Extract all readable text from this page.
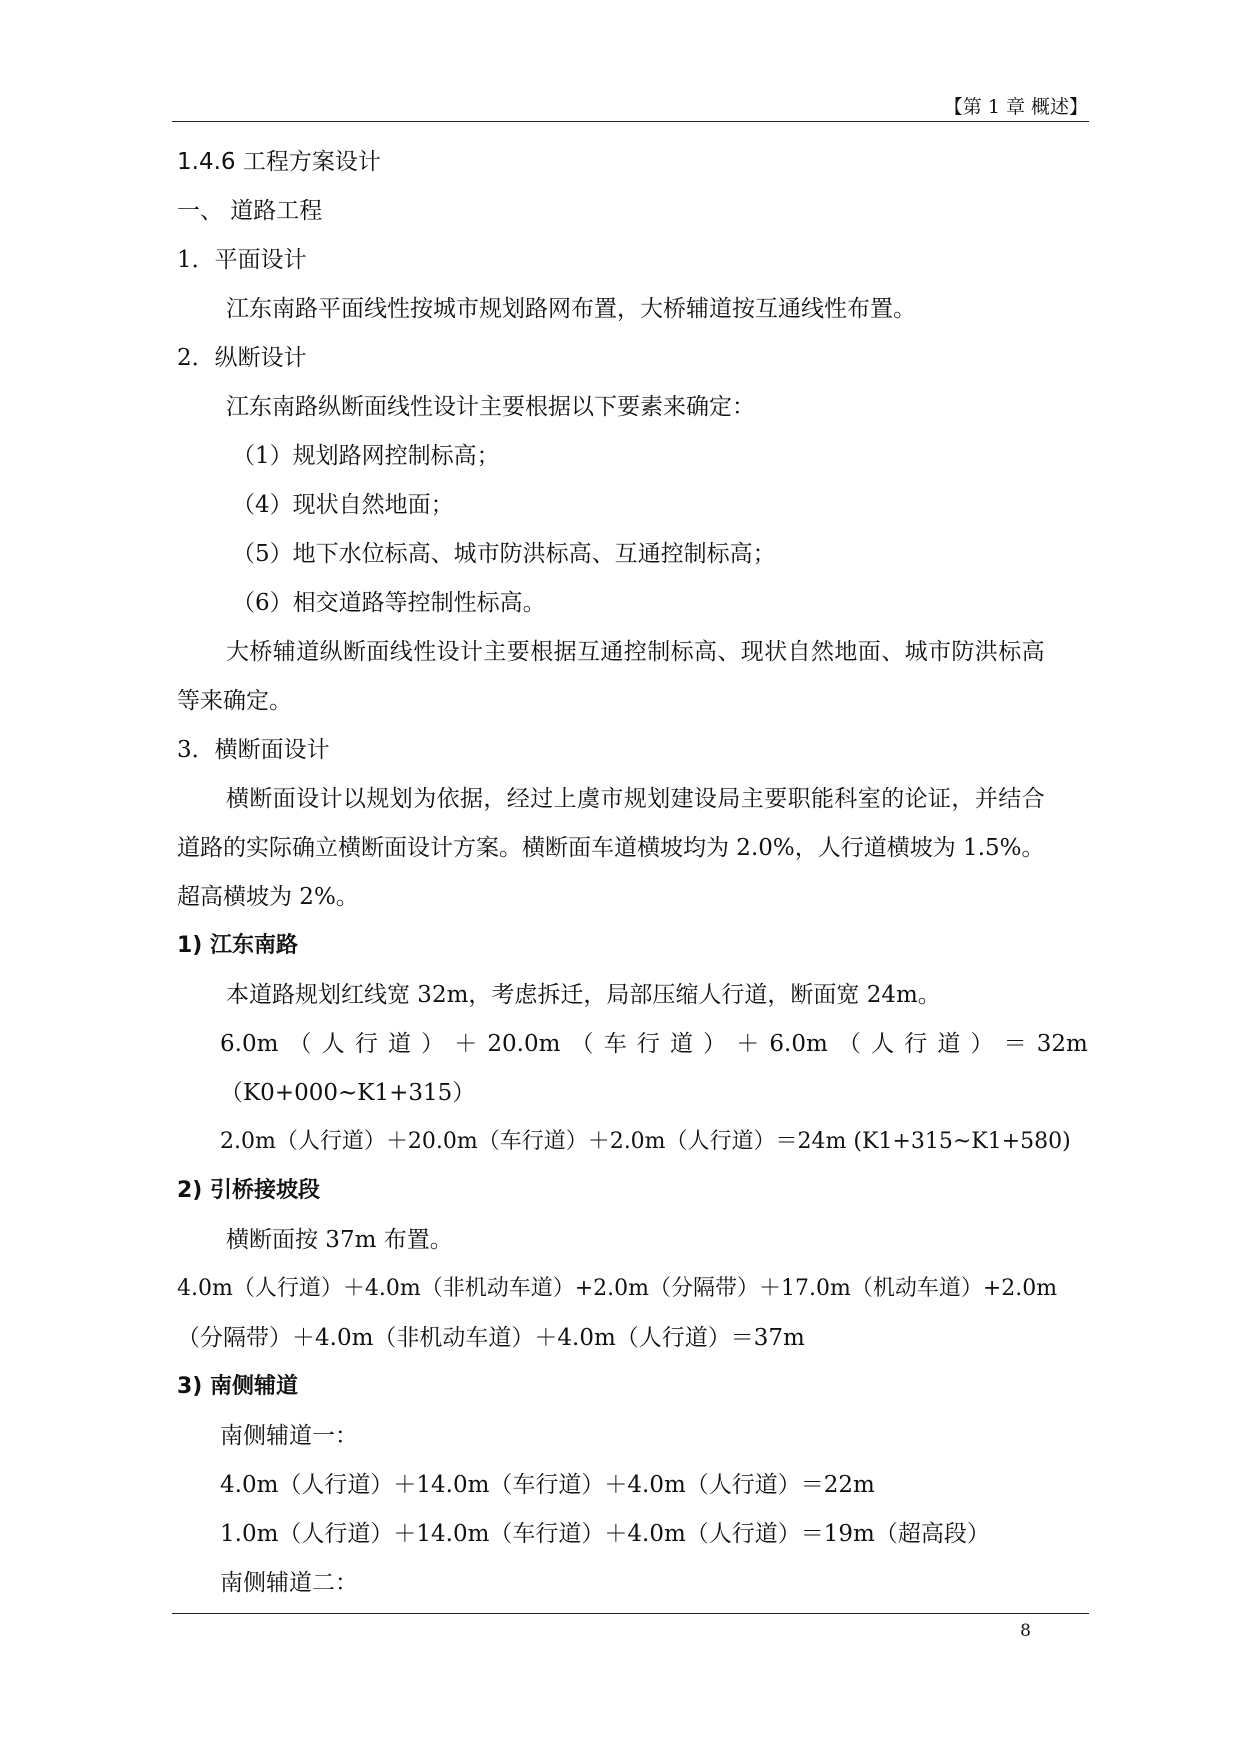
【第 1 章 概述】
1.4.6 工程方案设计
一、 道路工程
1．平面设计
江东南路平面线性按城市规划路网布置，大桥辅道按互通线性布置。
2．纵断设计
江东南路纵断面线性设计主要根据以下要素来确定：
（1）规划路网控制标高；
（4）现状自然地面；
（5）地下水位标高、城市防洪标高、互通控制标高；
（6）相交道路等控制性标高。
大桥辅道纵断面线性设计主要根据互通控制标高、现状自然地面、城市防洪标高
等来确定。
3．横断面设计
横断面设计以规划为依据，经过上虞市规划建设局主要职能科室的论证，并结合
道路的实际确立横断面设计方案。横断面车道横坡均为 2.0%，人行道横坡为 1.5%。
超高横坡为 2%。
1) 江东南路
本道路规划红线宽 32m，考虑拆迁，局部压缩人行道，断面宽 24m。
6.0m （ 人 行 道 ） ＋ 20.0m （ 车 行 道 ） ＋ 6.0m （ 人 行 道 ） ＝ 32m
（K0+000~K1+315）
2.0m（人行道）＋20.0m（车行道）＋2.0m（人行道）＝24m (K1+315~K1+580)
2) 引桥接坡段
横断面按 37m 布置。
4.0m（人行道）＋4.0m（非机动车道）+2.0m（分隔带）＋17.0m（机动车道）+2.0m
（分隔带）＋4.0m（非机动车道）＋4.0m（人行道）＝37m
3) 南侧辅道
南侧辅道一：
4.0m（人行道）＋14.0m（车行道）＋4.0m（人行道）＝22m
1.0m（人行道）＋14.0m（车行道）＋4.0m（人行道）＝19m（超高段）
南侧辅道二：
8
